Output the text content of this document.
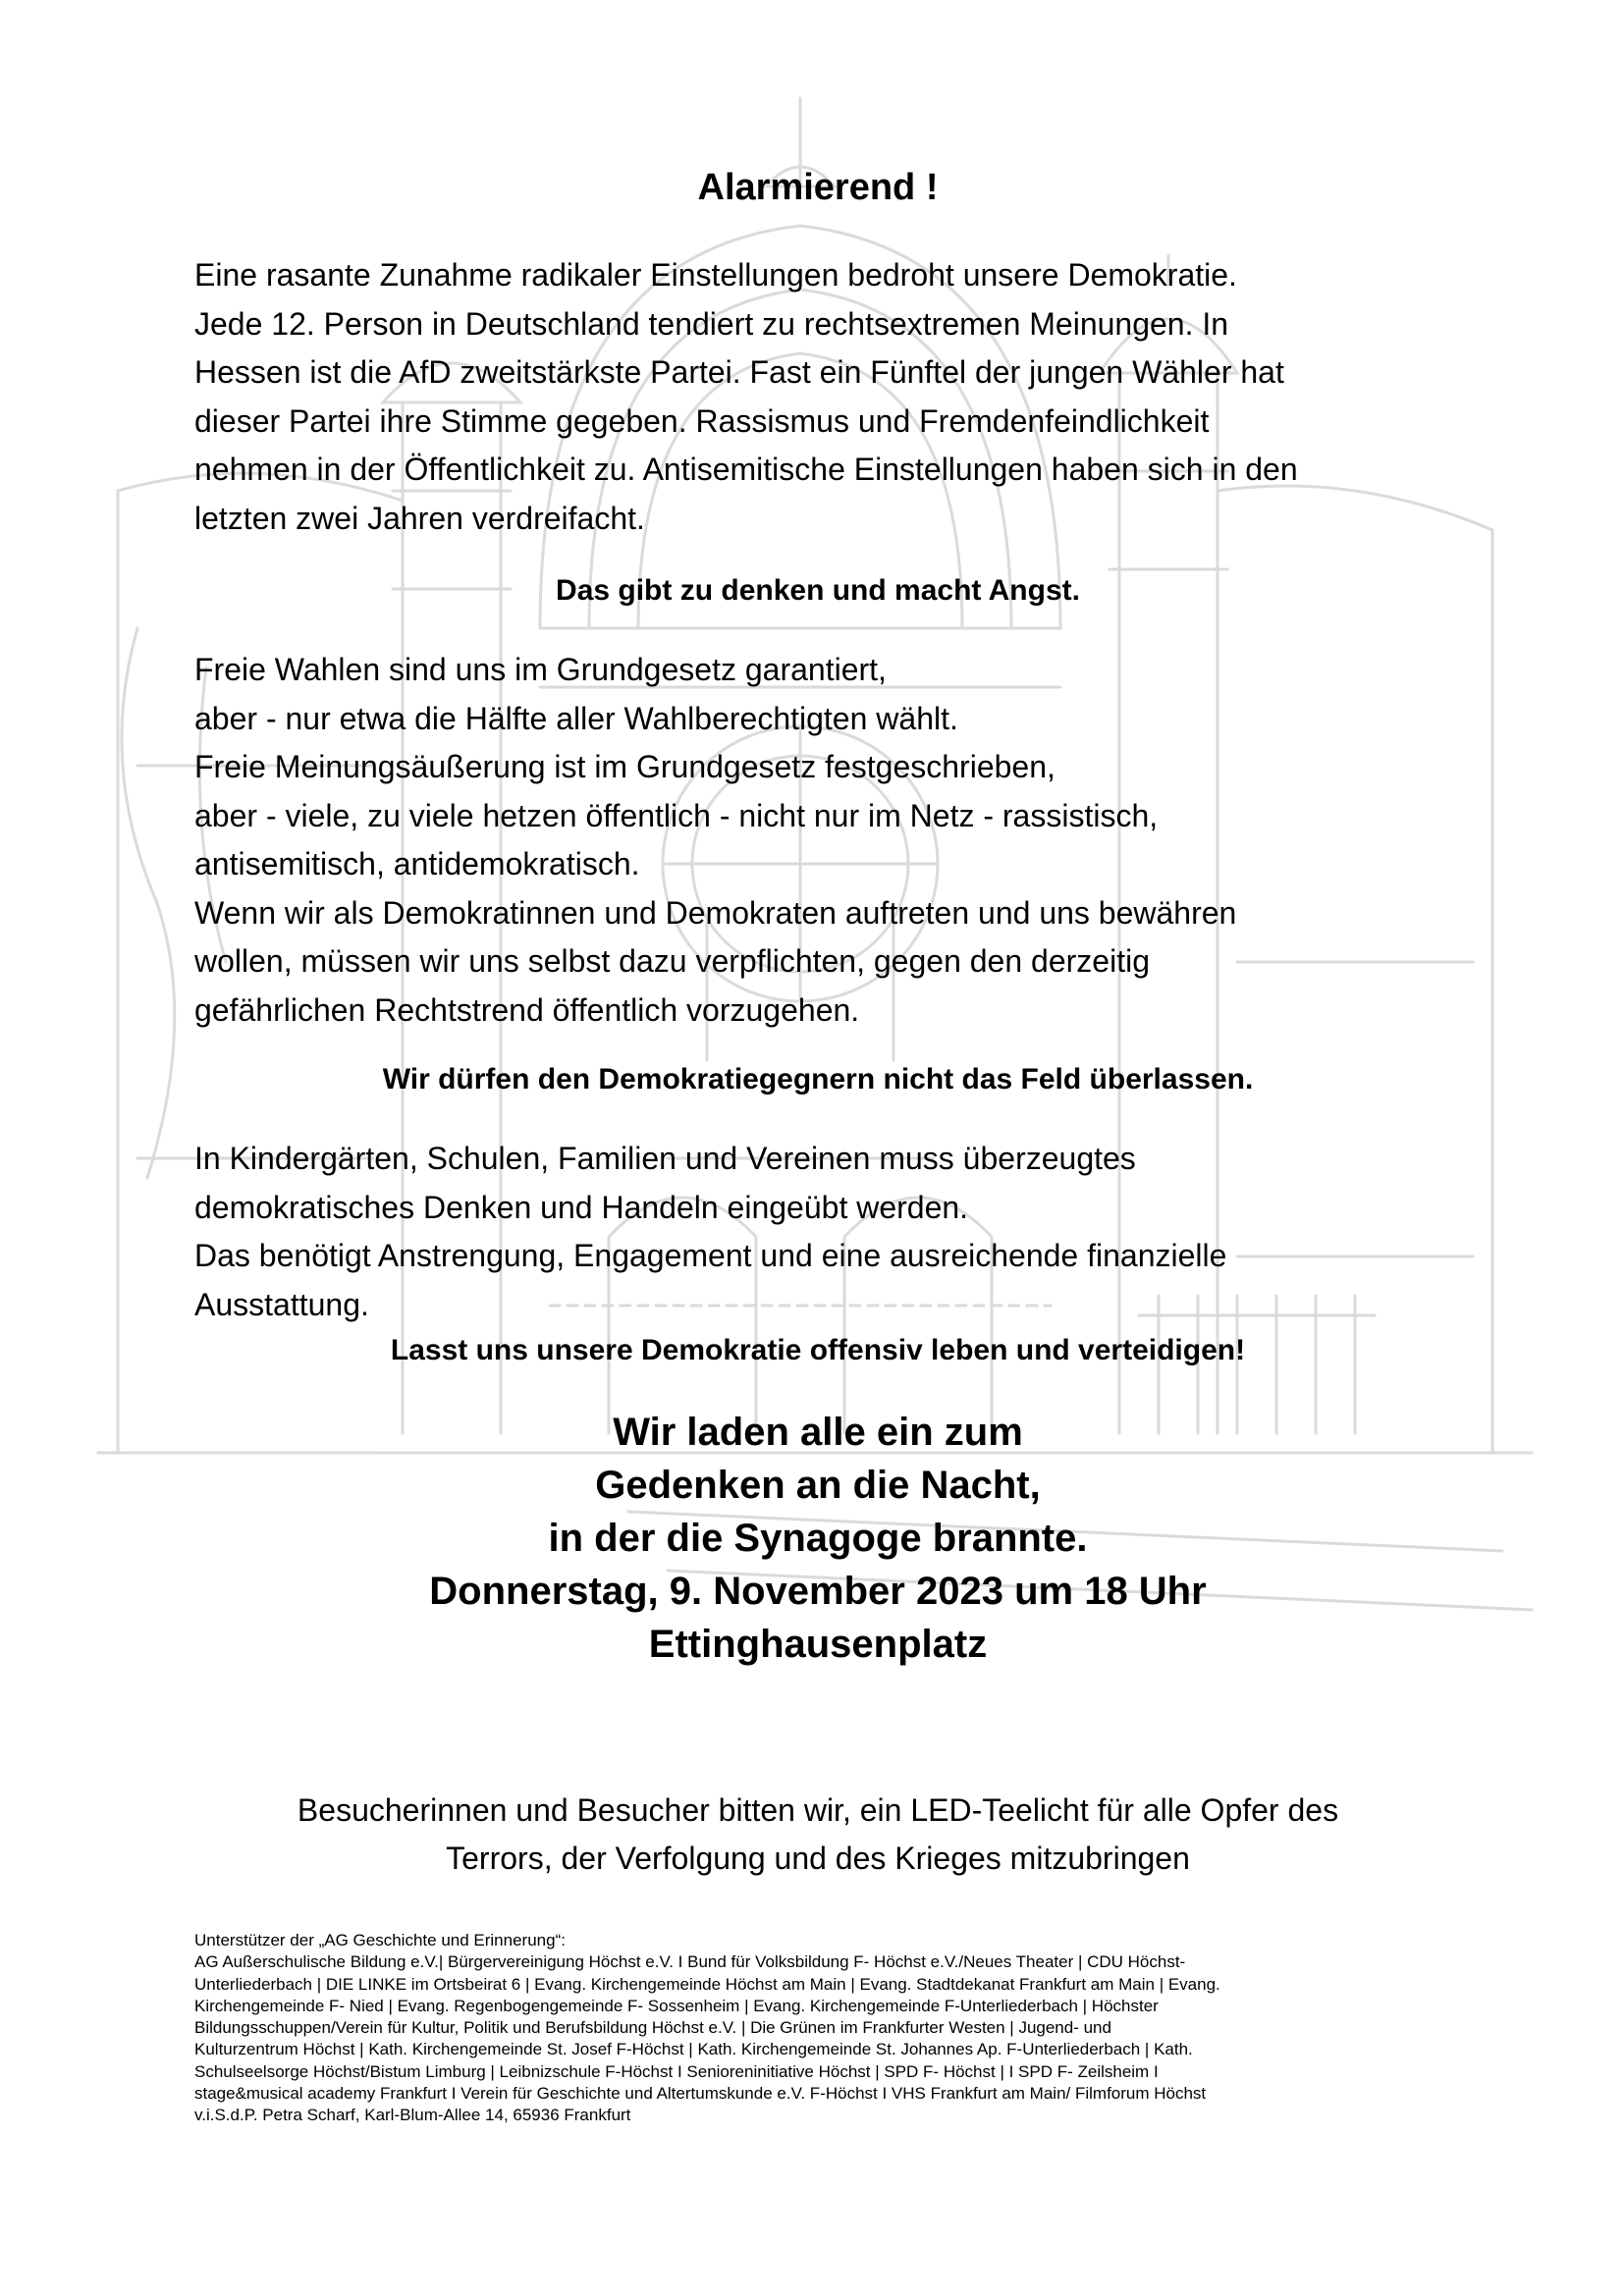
Alarmierend !
Eine rasante Zunahme radikaler Einstellungen bedroht unsere Demokratie.
Jede 12. Person in Deutschland tendiert zu rechtsextremen Meinungen. In
Hessen ist die AfD zweitstärkste Partei. Fast ein Fünftel der jungen Wähler hat
dieser Partei ihre Stimme gegeben. Rassismus und Fremdenfeindlichkeit
nehmen in der Öffentlichkeit zu. Antisemitische Einstellungen haben sich in den
letzten zwei Jahren verdreifacht.

Das gibt zu denken und macht Angst.

Freie Wahlen sind uns im Grundgesetz garantiert,
aber - nur etwa die Hälfte aller Wahlberechtigten wählt.
Freie Meinungsäußerung ist im Grundgesetz festgeschrieben,
aber - viele, zu viele hetzen öffentlich - nicht nur im Netz - rassistisch,
antisemitisch, antidemokratisch.
Wenn wir als Demokratinnen und Demokraten auftreten und uns bewähren
wollen, müssen wir uns selbst dazu verpflichten, gegen den derzeitig
gefährlichen Rechtstrend öffentlich vorzugehen.

Wir dürfen den Demokratiegegnern nicht das Feld überlassen.

In Kindergärten, Schulen, Familien und Vereinen muss überzeugtes
demokratisches Denken und Handeln eingeübt werden.
Das benötigt Anstrengung, Engagement und eine ausreichende finanzielle
Ausstattung.

Lasst uns unsere Demokratie offensiv leben und verteidigen!

Wir laden alle ein zum
Gedenken an die Nacht,
in der die Synagoge brannte.
Donnerstag, 9. November 2023 um 18 Uhr
Ettinghausenplatz
Besucherinnen und Besucher bitten wir, ein LED-Teelicht für alle Opfer des
Terrors, der Verfolgung und des Krieges mitzubringen
Unterstützer der „AG Geschichte und Erinnerung“:
AG Außerschulische Bildung e.V.| Bürgervereinigung Höchst e.V. I Bund für Volksbildung F- Höchst e.V./Neues Theater | CDU Höchst-
Unterliederbach | DIE LINKE im Ortsbeirat 6 | Evang. Kirchengemeinde Höchst am Main | Evang. Stadtdekanat Frankfurt am Main | Evang.
Kirchengemeinde F- Nied | Evang. Regenbogengemeinde F- Sossenheim | Evang. Kirchengemeinde F-Unterliederbach | Höchster
Bildungsschuppen/Verein für Kultur, Politik und Berufsbildung Höchst e.V. | Die Grünen im Frankfurter Westen | Jugend- und
Kulturzentrum Höchst | Kath. Kirchengemeinde St. Josef F-Höchst | Kath. Kirchengemeinde St. Johannes Ap. F-Unterliederbach | Kath.
Schulseelsorge Höchst/Bistum Limburg | Leibnizschule F-Höchst I Senioreninitiative Höchst | SPD F- Höchst | I SPD F- Zeilsheim I
stage&musical academy Frankfurt I Verein für Geschichte und Altertumskunde e.V. F-Höchst I VHS Frankfurt am Main/ Filmforum Höchst
v.i.S.d.P. Petra Scharf, Karl-Blum-Allee 14, 65936 Frankfurt
